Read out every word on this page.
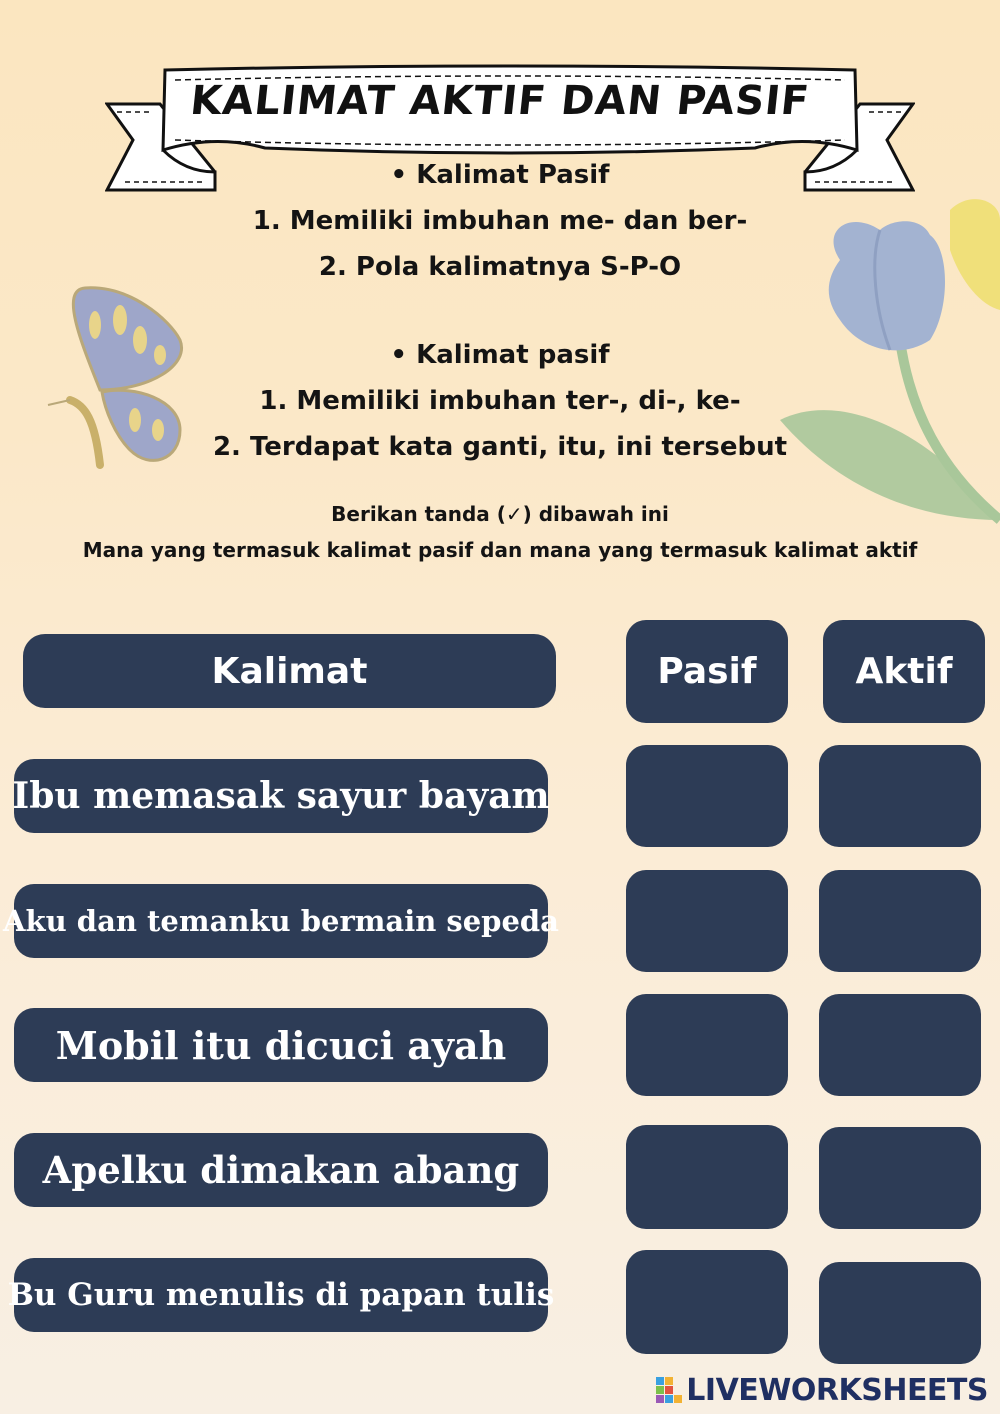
KALIMAT AKTIF DAN PASIF
• Kalimat Pasif
1. Memiliki imbuhan me- dan ber-
2. Pola kalimatnya S-P-O
• Kalimat pasif
1. Memiliki imbuhan ter-, di-, ke-
2. Terdapat kata ganti, itu, ini tersebut
Berikan tanda (✓) dibawah ini
Mana yang termasuk kalimat pasif dan mana yang termasuk kalimat aktif
Kalimat	Pasif	Aktif
Ibu memasak sayur bayam
Aku dan temanku bermain sepeda
Mobil itu dicuci ayah
Apelku dimakan abang
Bu Guru menulis di papan tulis
LIVEWORKSHEETS
